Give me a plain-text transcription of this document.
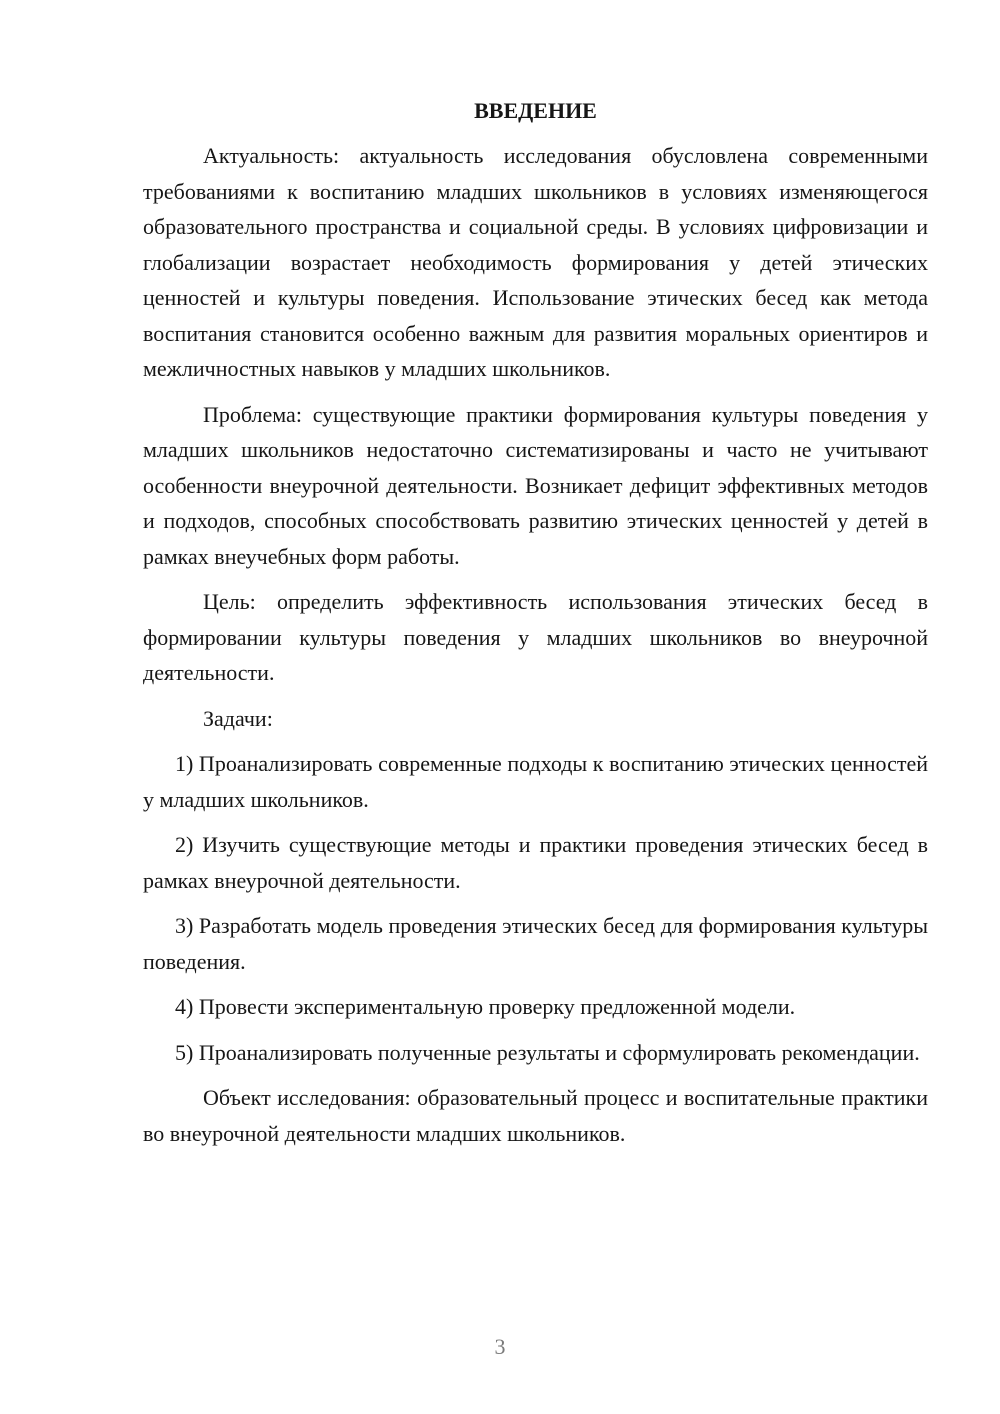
ВВЕДЕНИЕ

Актуальность: актуальность исследования обусловлена современными требованиями к воспитанию младших школьников в условиях изменяющегося образовательного пространства и социальной среды. В условиях цифровизации и глобализации возрастает необходимость формирования у детей этических ценностей и культуры поведения. Использование этических бесед как метода воспитания становится особенно важным для развития моральных ориентиров и межличностных навыков у младших школьников.

Проблема: существующие практики формирования культуры поведения у младших школьников недостаточно систематизированы и часто не учитывают особенности внеурочной деятельности. Возникает дефицит эффективных методов и подходов, способных способствовать развитию этических ценностей у детей в рамках внеучебных форм работы.

Цель: определить эффективность использования этических бесед в формировании культуры поведения у младших школьников во внеурочной деятельности.

Задачи:

1) Проанализировать современные подходы к воспитанию этических ценностей у младших школьников.

2) Изучить существующие методы и практики проведения этических бесед в рамках внеурочной деятельности.

3) Разработать модель проведения этических бесед для формирования культуры поведения.

4) Провести экспериментальную проверку предложенной модели.

5) Проанализировать полученные результаты и сформулировать рекомендации.

Объект исследования: образовательный процесс и воспитательные практики во внеурочной деятельности младших школьников.

3
